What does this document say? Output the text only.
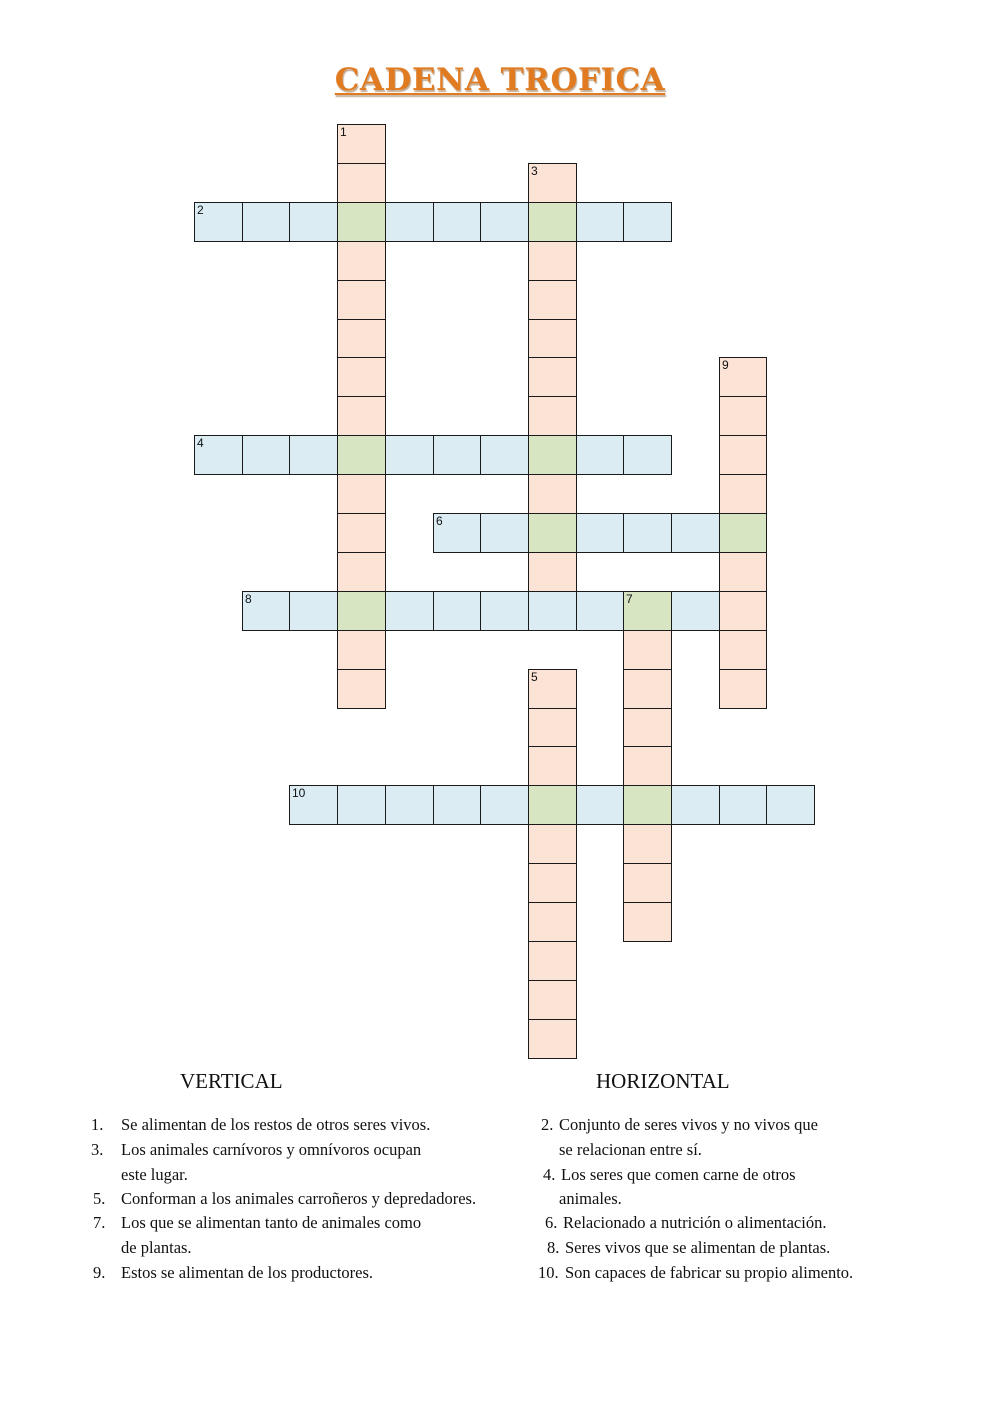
CADENA TROFICA
1
3
2
9
4
6
8	7
5
10
VERTICAL	HORIZONTAL
1. Se alimentan de los restos de otros seres vivos.
3. Los animales carnívoros y omnívoros ocupan
este lugar.
5. Conforman a los animales carroñeros y depredadores.
7. Los que se alimentan tanto de animales como
de plantas.
9. Estos se alimentan de los productores.
2. Conjunto de seres vivos y no vivos que
se relacionan entre sí.
4. Los seres que comen carne de otros
animales.
6. Relacionado a nutrición o alimentación.
8. Seres vivos que se alimentan de plantas.
10. Son capaces de fabricar su propio alimento.
